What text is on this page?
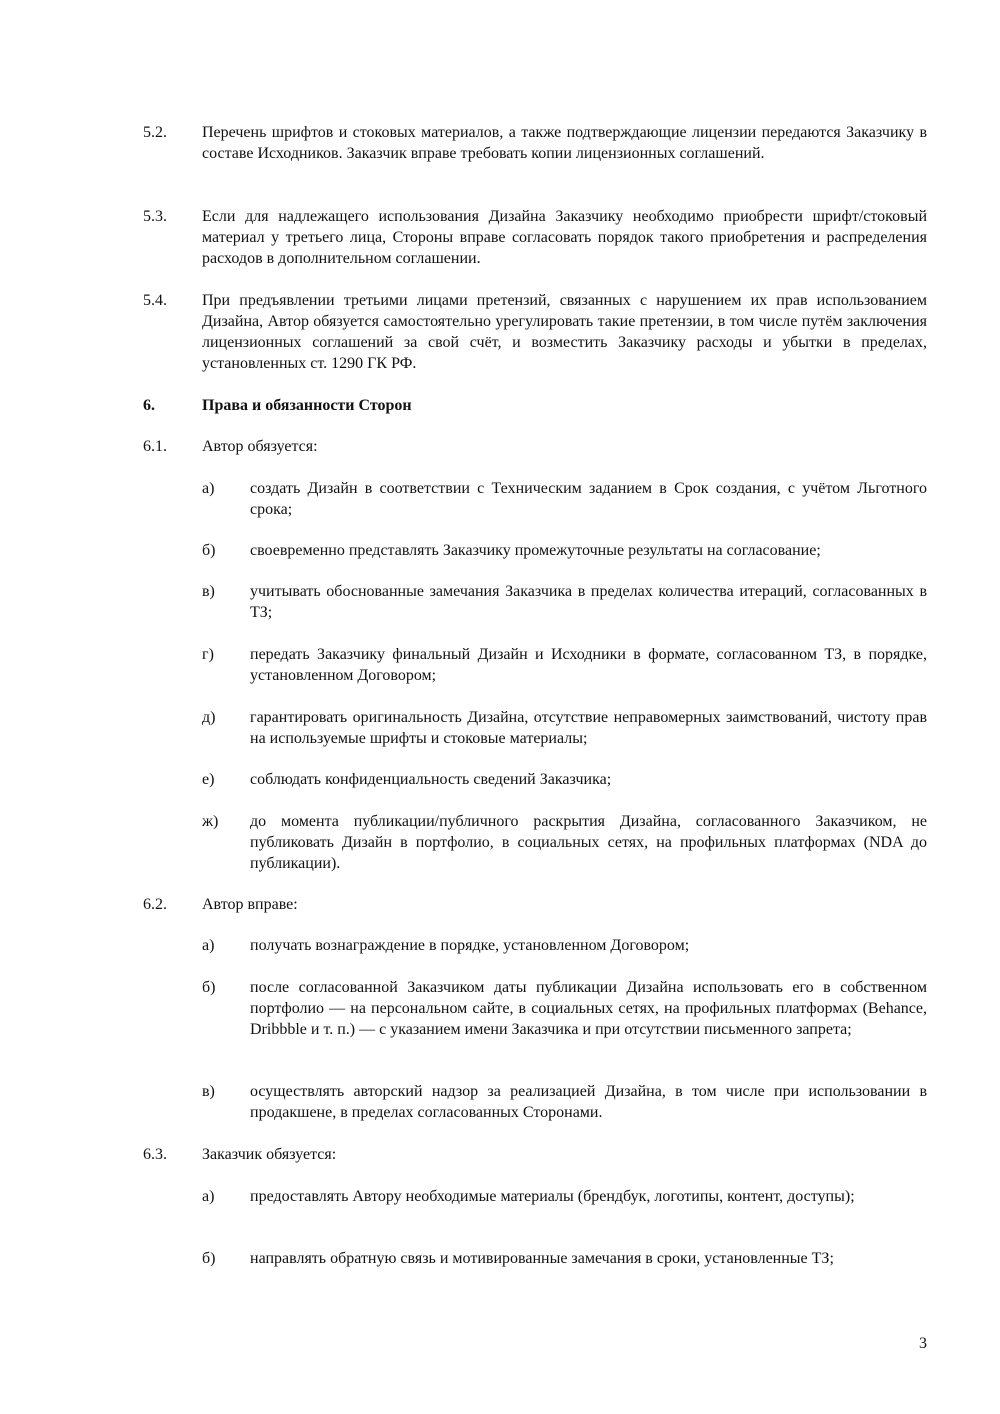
5.2.	Перечень шрифтов и стоковых материалов, а также подтверждающие лицензии передаются Заказчику в составе Исходников. Заказчик вправе требовать копии лицензионных соглашений.
5.3.	Если для надлежащего использования Дизайна Заказчику необходимо приобрести шрифт/стоковый материал у третьего лица, Стороны вправе согласовать порядок такого приобретения и распределения расходов в дополнительном соглашении.
5.4.	При предъявлении третьими лицами претензий, связанных с нарушением их прав использованием Дизайна, Автор обязуется самостоятельно урегулировать такие претензии, в том числе путём заключения лицензионных соглашений за свой счёт, и возместить Заказчику расходы и убытки в пределах, установленных ст. 1290 ГК РФ.
6.	Права и обязанности Сторон
6.1.	Автор обязуется:
а) создать Дизайн в соответствии с Техническим заданием в Срок создания, с учётом Льготного срока;
б) своевременно представлять Заказчику промежуточные результаты на согласование;
в) учитывать обоснованные замечания Заказчика в пределах количества итераций, согласованных в ТЗ;
г) передать Заказчику финальный Дизайн и Исходники в формате, согласованном ТЗ, в порядке, установленном Договором;
д) гарантировать оригинальность Дизайна, отсутствие неправомерных заимствований, чистоту прав на используемые шрифты и стоковые материалы;
е) соблюдать конфиденциальность сведений Заказчика;
ж) до момента публикации/публичного раскрытия Дизайна, согласованного Заказчиком, не публиковать Дизайн в портфолио, в социальных сетях, на профильных платформах (NDA до публикации).
6.2.	Автор вправе:
а) получать вознаграждение в порядке, установленном Договором;
б) после согласованной Заказчиком даты публикации Дизайна использовать его в собственном портфолио — на персональном сайте, в социальных сетях, на профильных платформах (Behance, Dribbble и т. п.) — с указанием имени Заказчика и при отсутствии письменного запрета;
в) осуществлять авторский надзор за реализацией Дизайна, в том числе при использовании в продакшене, в пределах согласованных Сторонами.
6.3.	Заказчик обязуется:
а) предоставлять Автору необходимые материалы (брендбук, логотипы, контент, доступы);
б) направлять обратную связь и мотивированные замечания в сроки, установленные ТЗ;
3
